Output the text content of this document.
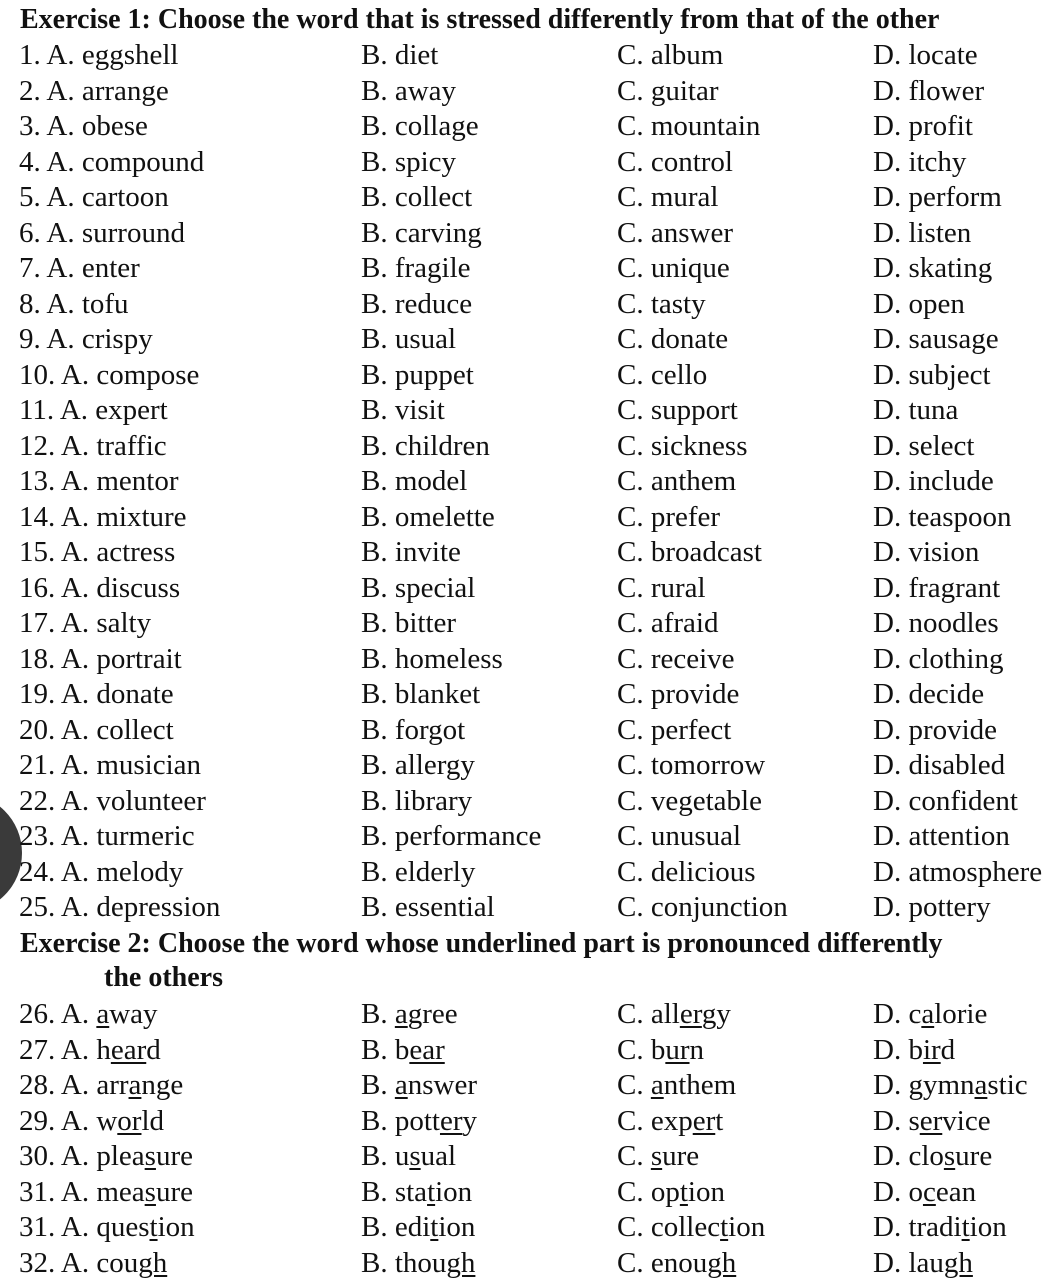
Exercise 1: Choose the word that is stressed differently from that of the other
1. A. eggshell	B. diet	C. album	D. locate
2. A. arrange	B. away	C. guitar	D. flower
3. A. obese	B. collage	C. mountain	D. profit
4. A. compound	B. spicy	C. control	D. itchy
5. A. cartoon	B. collect	C. mural	D. perform
6. A. surround	B. carving	C. answer	D. listen
7. A. enter	B. fragile	C. unique	D. skating
8. A. tofu	B. reduce	C. tasty	D. open
9. A. crispy	B. usual	C. donate	D. sausage
10. A. compose	B. puppet	C. cello	D. subject
11. A. expert	B. visit	C. support	D. tuna
12. A. traffic	B. children	C. sickness	D. select
13. A. mentor	B. model	C. anthem	D. include
14. A. mixture	B. omelette	C. prefer	D. teaspoon
15. A. actress	B. invite	C. broadcast	D. vision
16. A. discuss	B. special	C. rural	D. fragrant
17. A. salty	B. bitter	C. afraid	D. noodles
18. A. portrait	B. homeless	C. receive	D. clothing
19. A. donate	B. blanket	C. provide	D. decide
20. A. collect	B. forgot	C. perfect	D. provide
21. A. musician	B. allergy	C. tomorrow	D. disabled
22. A. volunteer	B. library	C. vegetable	D. confident
23. A. turmeric	B. performance	C. unusual	D. attention
24. A. melody	B. elderly	C. delicious	D. atmosphere
25. A. depression	B. essential	C. conjunction	D. pottery
Exercise 2: Choose the word whose underlined part is pronounced differently
the others
26. A. away	B. agree	C. allergy	D. calorie
27. A. heard	B. bear	C. burn	D. bird
28. A. arrange	B. answer	C. anthem	D. gymnastic
29. A. world	B. pottery	C. expert	D. service
30. A. pleasure	B. usual	C. sure	D. closure
31. A. measure	B. station	C. option	D. ocean
31. A. question	B. edition	C. collection	D. tradition
32. A. cough	B. though	C. enough	D. laugh
